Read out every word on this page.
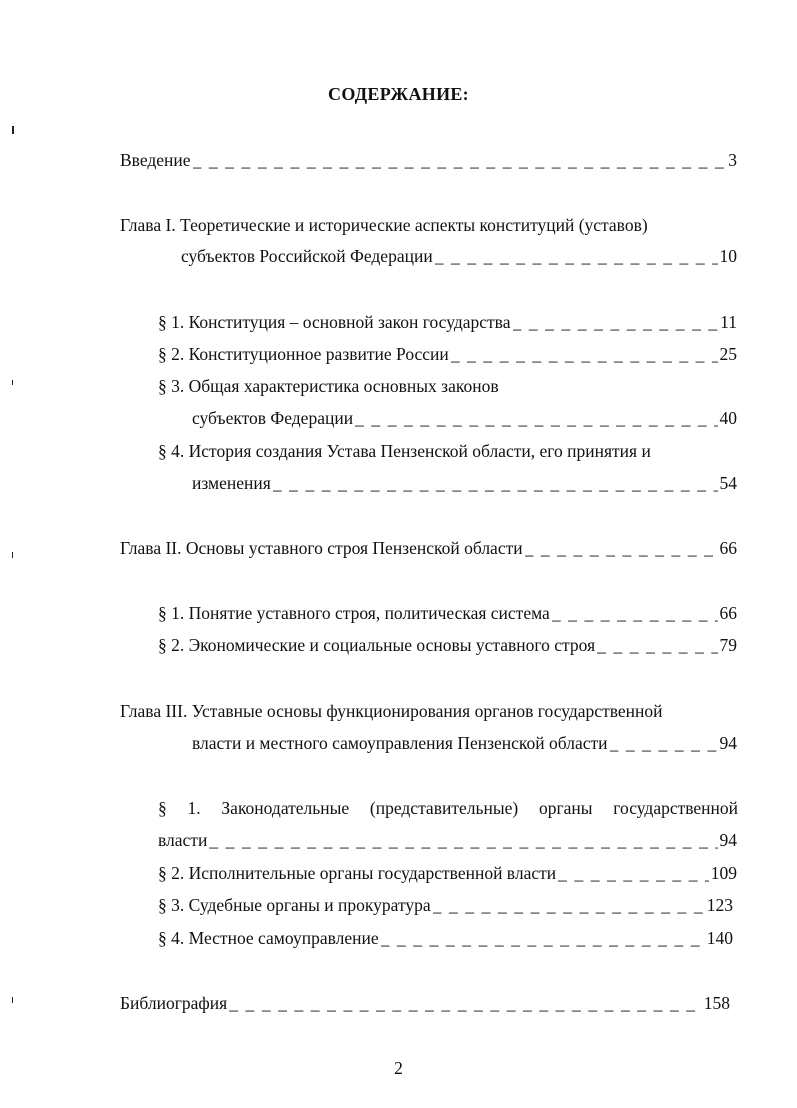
СОДЕРЖАНИЕ:
Введение _ _ _	3
Глава I. Теоретические и исторические аспекты конституций (уставов)
субъектов Российской Федерации _ _ _	10
§ 1. Конституция – основной закон государства _ _ _	11
§ 2. Конституционное развитие России _ _ _	25
§ 3. Общая характеристика основных законов
субъектов Федерации _ _ _	40
§ 4. История создания Устава Пензенской области, его принятия и
изменения _ _ _	54
Глава II. Основы уставного строя Пензенской области _ _ _	66
§ 1. Понятие уставного строя, политическая система _ _ _	66
§ 2. Экономические и социальные основы уставного строя _ _ _	79
Глава III. Уставные основы функционирования органов государственной
власти и местного самоуправления Пензенской области _ _ _	94
§ 1. Законодательные (представительные) органы государственной
власти _ _ _	94
§ 2. Исполнительные органы государственной власти _ _ _	109
§ 3. Судебные органы и прокуратура _ _ _	123
§ 4. Местное самоуправление _ _ _	140
Библиография _ _ _	158
2
